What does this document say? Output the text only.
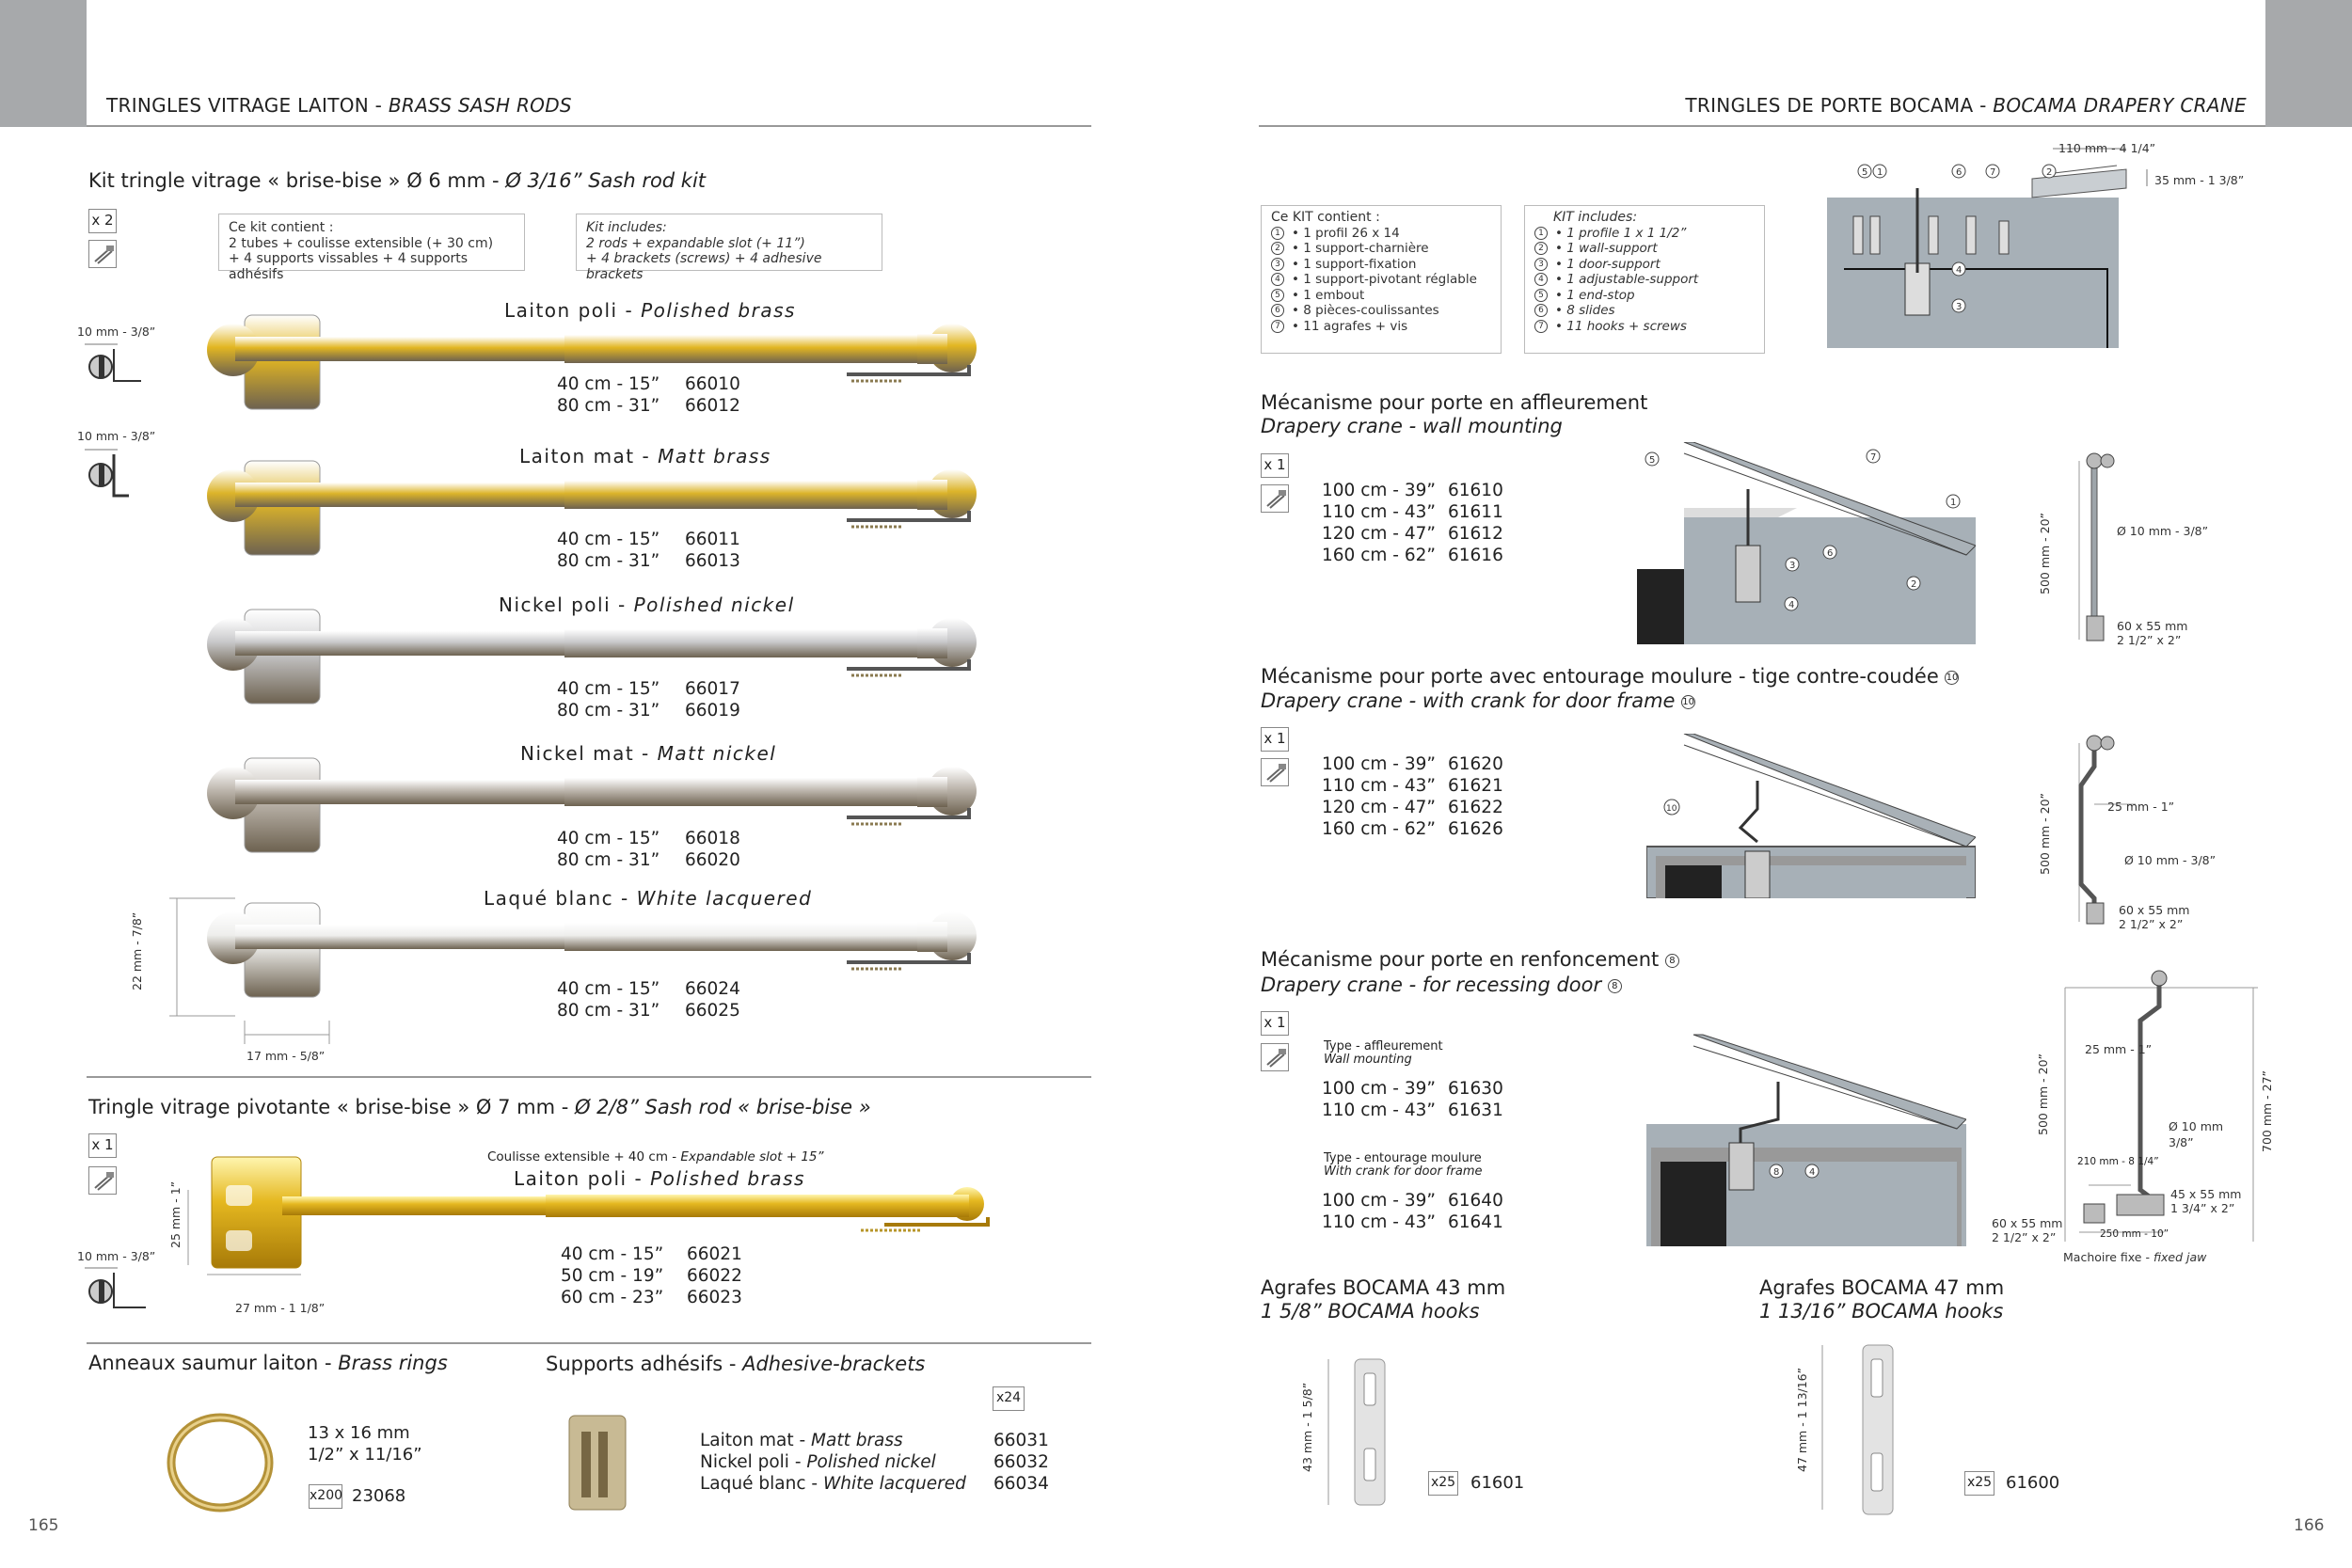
TRINGLES VITRAGE LAITON - BRASS SASH RODS	TRINGLES DE PORTE BOCAMA - BOCAMA DRAPERY CRANE
Kit tringle vitrage « brise-bise » Ø 6 mm - Ø 3/16” Sash rod kit
x 2	Ce kit contient :
2 tubes + coulisse extensible (+ 30 cm)
+ 4 supports vissables + 4 supports adhésifs
Kit includes:
2 rods + expandable slot (+ 11”)
+ 4 brackets (screws) + 4 adhesive brackets
10 mm - 3/8”
10 mm - 3/8”
Laiton poli - Polished brass
40 cm - 15” 66010
80 cm - 31” 66012
Laiton mat - Matt brass
40 cm - 15” 66011
80 cm - 31” 66013
Nickel poli - Polished nickel
40 cm - 15” 66017
80 cm - 31” 66019
Nickel mat - Matt nickel
40 cm - 15” 66018
80 cm - 31” 66020
Laqué blanc - White lacquered
40 cm - 15” 66024
80 cm - 31” 66025
22 mm - 7/8”
17 mm - 5/8”
Tringle vitrage pivotante « brise-bise » Ø 7 mm - Ø 2/8” Sash rod « brise-bise »
x 1
10 mm - 3/8”
Coulisse extensible + 40 cm - Expandable slot + 15”
Laiton poli - Polished brass
25 mm - 1”
27 mm - 1 1/8”
40 cm - 15” 66021
50 cm - 19” 66022
60 cm - 23” 66023
Anneaux saumur laiton - Brass rings
13 x 16 mm
1/2” x 11/16”
x200 23068
Supports adhésifs - Adhesive-brackets
x24
Laiton mat - Matt brass	66031
Nickel poli - Polished nickel	66032
Laqué blanc - White lacquered 66034
165
Ce KIT contient :
1 • 1 profil 26 x 14
2 • 1 support-charnière
3 • 1 support-fixation
4 • 1 support-pivotant réglable
5 • 1 embout
6 • 8 pièces-coulissantes
7 • 11 agrafes + vis
KIT includes:
1 • 1 profile 1 x 1 1/2”
2 • 1 wall-support
3 • 1 door-support
4 • 1 adjustable-support
5 • 1 end-stop
6 • 8 slides
7 • 11 hooks + screws
5 1	6	7	2
4
3
110 mm - 4 1/4”
35 mm - 1 3/8”
Mécanisme pour porte en affleurement
Drapery crane - wall mounting
x 1
100 cm - 39” 61610
110 cm - 43” 61611
120 cm - 47” 61612
160 cm - 62” 61616
5	7
1
6
3
4
2	500 mm - 20”	Ø 10 mm - 3/8”
60 x 55 mm
2 1/2” x 2”
Mécanisme pour porte avec entourage moulure - tige contre-coudée 10
Drapery crane - with crank for door frame 10
x 1
100 cm - 39” 61620
110 cm - 43” 61621
120 cm - 47” 61622
160 cm - 62” 61626
10	500 mm - 20”	25 mm - 1”
Ø 10 mm - 3/8”
60 x 55 mm
2 1/2” x 2”
Mécanisme pour porte en renfoncement 8
Drapery crane - for recessing door 8
x 1
Type - affleurement
Wall mounting
100 cm - 39” 61630
110 cm - 43” 61631
Type - entourage moulure
With crank for door frame
100 cm - 39” 61640
110 cm - 43” 61641
8	4
500 mm - 20”	700 mm - 27”
25 mm - 1”
Ø 10 mm
3/8”
210 mm - 8 1/4”
250 mm - 10”
45 x 55 mm
1 3/4” x 2”
60 x 55 mm
2 1/2” x 2”
Machoire fixe - fixed jaw
Agrafes BOCAMA 43 mm
1 5/8” BOCAMA hooks
43 mm - 1 5/8”
x25 61601
Agrafes BOCAMA 47 mm
1 13/16” BOCAMA hooks
47 mm - 1 13/16”
x25 61600
166
